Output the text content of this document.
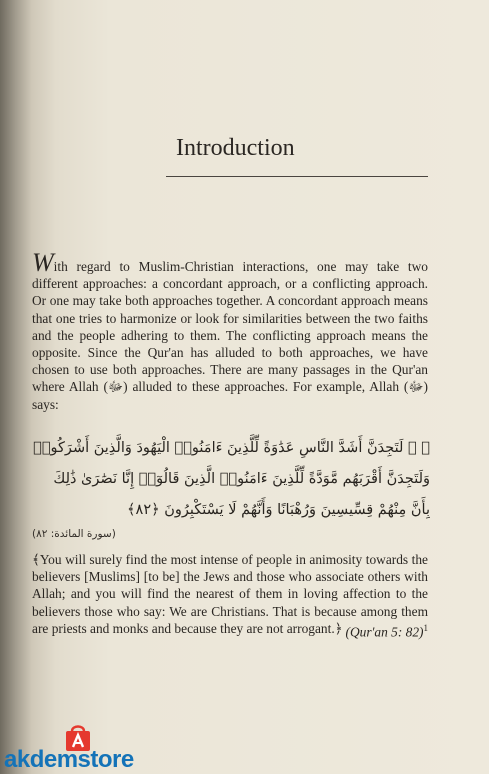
Introduction

With regard to Muslim-Christian interactions, one may take two different approaches: a concordant approach, or a conflicting approach. Or one may take both approaches together. A concordant approach means that one tries to harmonize or look for similarities between the two faiths and the people adhering to them. The conflicting approach means the opposite. Since the Qur'an has alluded to both approaches, we have chosen to use both approaches. There are many passages in the Qur'an where Allah (ﷻ) alluded to these approaches. For example, Allah (ﷻ) says:

﴿ ۞ لَتَجِدَنَّ أَشَدَّ النَّاسِ عَدَٰوَةً لِّلَّذِينَ ءَامَنُوا۟ الْيَهُودَ وَالَّذِينَ أَشْرَكُوا۟
وَلَتَجِدَنَّ أَقْرَبَهُم مَّوَدَّةً لِّلَّذِينَ ءَامَنُوا۟ الَّذِينَ قَالُوٓا۟ إِنَّا نَصَٰرَىٰ ذَٰلِكَ
بِأَنَّ مِنْهُمْ قِسِّيسِينَ وَرُهْبَانًا وَأَنَّهُمْ لَا يَسْتَكْبِرُونَ ﴿٨٢﴾
(سورة المائدة: ٨٢)
﴾You will surely find the most intense of people in animosity towards the believers [Muslims] [to be] the Jews and those who associate others with Allah; and you will find the nearest of them in loving affection to the believers those who say: We are Christians. That is because among them are priests and monks and because they are not arrogant.﴿ (Qur'an 5: 82)$^1$
akdemstore
